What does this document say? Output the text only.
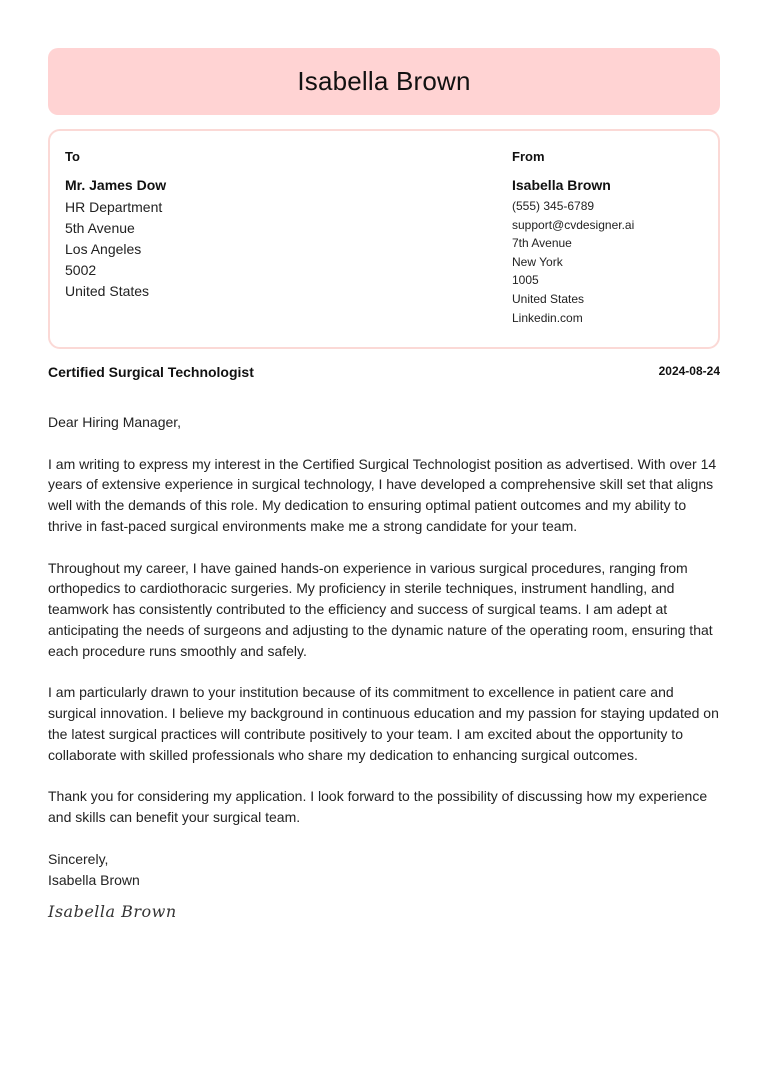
Isabella Brown
To
Mr. James Dow
HR Department
5th Avenue
Los Angeles
5002
United States
From
Isabella Brown
(555) 345-6789
support@cvdesigner.ai
7th Avenue
New York
1005
United States
Linkedin.com
Certified Surgical Technologist	2024-08-24

Dear Hiring Manager,

I am writing to express my interest in the Certified Surgical Technologist position as advertised. With over 14 years of extensive experience in surgical technology, I have developed a comprehensive skill set that aligns well with the demands of this role. My dedication to ensuring optimal patient outcomes and my ability to thrive in fast-paced surgical environments make me a strong candidate for your team.

Throughout my career, I have gained hands-on experience in various surgical procedures, ranging from orthopedics to cardiothoracic surgeries. My proficiency in sterile techniques, instrument handling, and teamwork has consistently contributed to the efficiency and success of surgical teams. I am adept at anticipating the needs of surgeons and adjusting to the dynamic nature of the operating room, ensuring that each procedure runs smoothly and safely.

I am particularly drawn to your institution because of its commitment to excellence in patient care and surgical innovation. I believe my background in continuous education and my passion for staying updated on the latest surgical practices will contribute positively to your team. I am excited about the opportunity to collaborate with skilled professionals who share my dedication to enhancing surgical outcomes.

Thank you for considering my application. I look forward to the possibility of discussing how my experience and skills can benefit your surgical team.

Sincerely,
Isabella Brown

Isabella Brown
